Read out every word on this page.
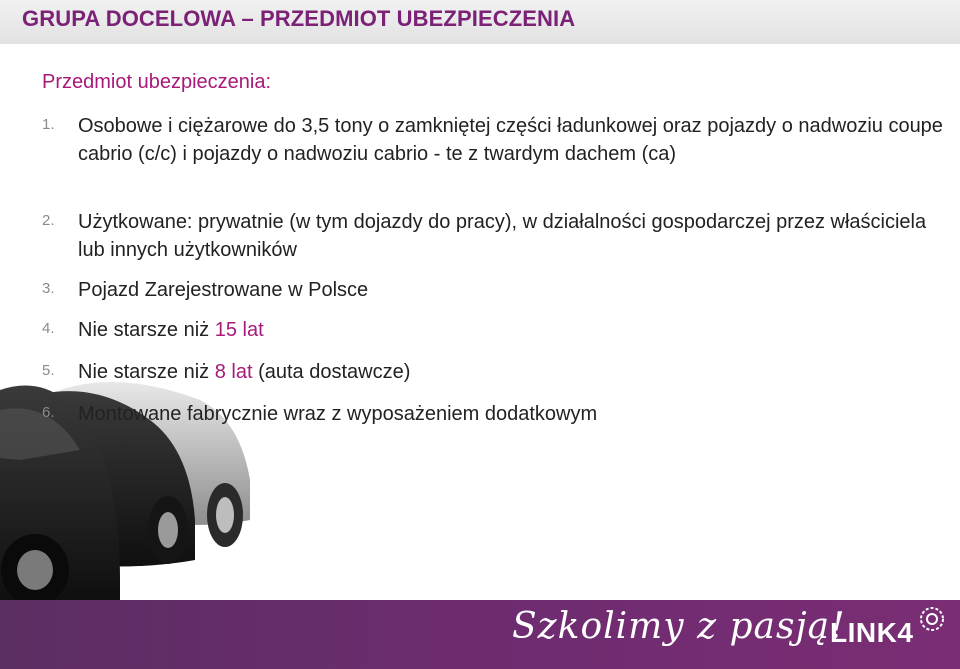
GRUPA DOCELOWA – PRZEDMIOT UBEZPIECZENIA
Przedmiot ubezpieczenia:
1. Osobowe i ciężarowe do 3,5 tony o zamkniętej części ładunkowej oraz pojazdy o nadwoziu coupe cabrio (c/c) i pojazdy o nadwoziu cabrio - te z twardym dachem (ca)
2. Użytkowane: prywatnie (w tym dojazdy do pracy), w działalności gospodarczej przez właściciela lub innych użytkowników
3. Pojazd Zarejestrowane w Polsce
4. Nie starsze niż 15 lat
5. Nie starsze niż 8 lat (auta dostawcze)
6. Montowane fabrycznie wraz z wyposażeniem dodatkowym
Szkolimy z pasją!
LINK4
